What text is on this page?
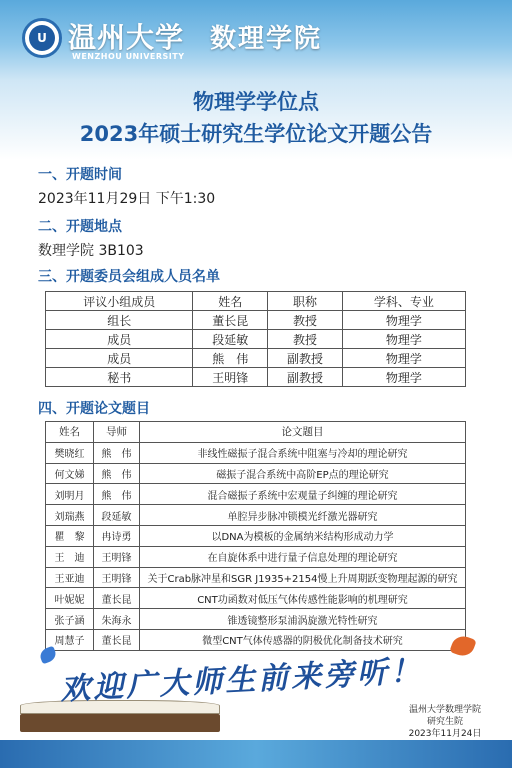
U 温州大学
WENZHOU UNIVERSITY
数理学院
物理学学位点
2023年硕士研究生学位论文开题公告
一、开题时间
2023年11月29日 下午1:30
二、开题地点
数理学院 3B103
三、开题委员会组成人员名单
评议小组成员	姓名	职称	学科、专业
组长	董长昆	教授	物理学
成员	段延敏	教授	物理学
成员	熊　伟	副教授	物理学
秘书	王明锋	副教授	物理学
四、开题论文题目
姓名	导师	论文题目
樊晓红	熊　伟	非线性磁振子混合系统中阻塞与冷却的理论研究
何文娣	熊　伟	磁振子混合系统中高阶EP点的理论研究
刘明月	熊　伟	混合磁振子系统中宏观量子纠缠的理论研究
刘瑞燕	段延敏	单腔异步脉冲锁模光纤激光器研究
瞿　黎	冉诗勇	以DNA为模板的金属纳米结构形成动力学
王　迪	王明锋	在自旋体系中进行量子信息处理的理论研究
王亚迪	王明锋	关于Crab脉冲星和SGR J1935+2154慢上升周期跃变物理起源的研究
叶妮妮	董长昆	CNT功函数对低压气体传感性能影响的机理研究
张子涵	朱海永	锥透镜整形泵浦涡旋激光特性研究
周慧子	董长昆	微型CNT气体传感器的阴极优化制备技术研究
欢迎广大师生前来旁听！
温州大学数理学院
研究生院
2023年11月24日
